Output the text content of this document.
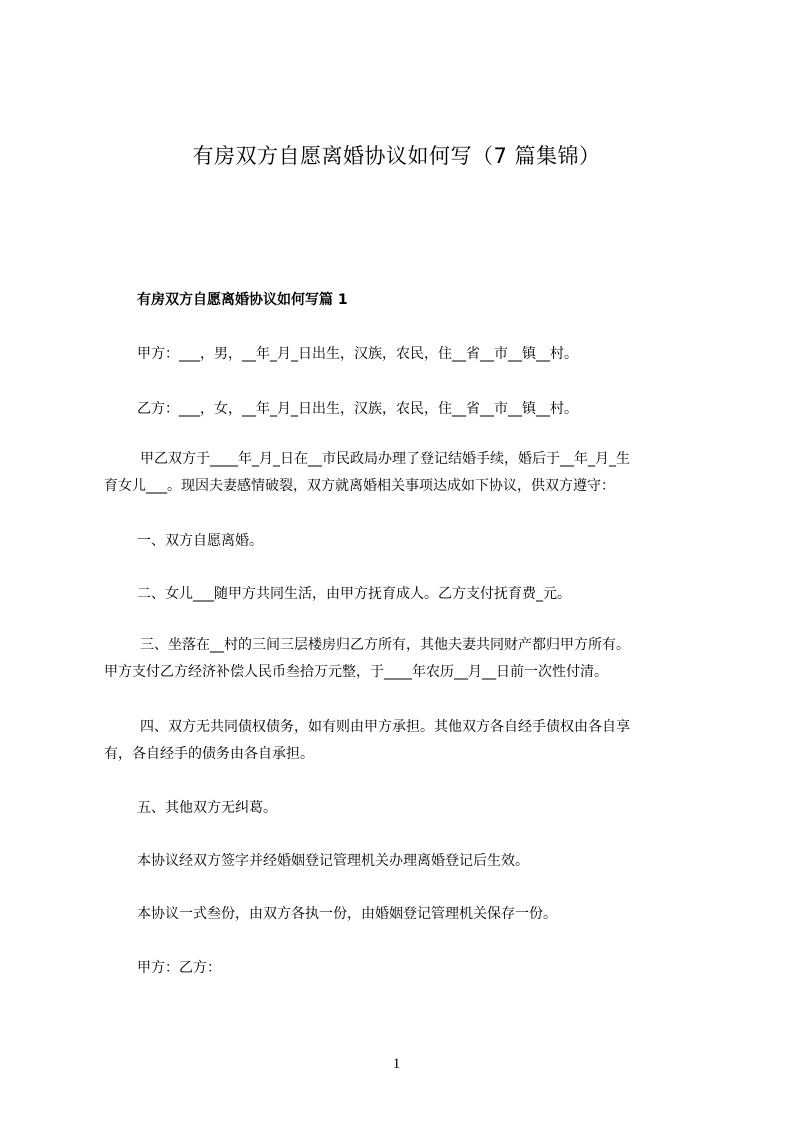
有房双方自愿离婚协议如何写（7 篇集锦）
有房双方自愿离婚协议如何写篇 1
甲方：___，男，__年_月_日出生，汉族，农民，住__省__市__镇__村。
乙方：___，女，__年_月_日出生，汉族，农民，住__省__市__镇__村。
甲乙双方于____年_月_日在__市民政局办理了登记结婚手续，婚后于__年_月_生
育女儿___。现因夫妻感情破裂，双方就离婚相关事项达成如下协议，供双方遵守：
一、双方自愿离婚。
二、女儿___随甲方共同生活，由甲方抚育成人。乙方支付抚育费_元。
三、坐落在__村的三间三层楼房归乙方所有，其他夫妻共同财产都归甲方所有。
甲方支付乙方经济补偿人民币叁拾万元整，于____年农历__月__日前一次性付清。
四、双方无共同债权债务，如有则由甲方承担。其他双方各自经手债权由各自享
有，各自经手的债务由各自承担。
五、其他双方无纠葛。
本协议经双方签字并经婚姻登记管理机关办理离婚登记后生效。
本协议一式叁份，由双方各执一份，由婚姻登记管理机关保存一份。
甲方：乙方：
1
